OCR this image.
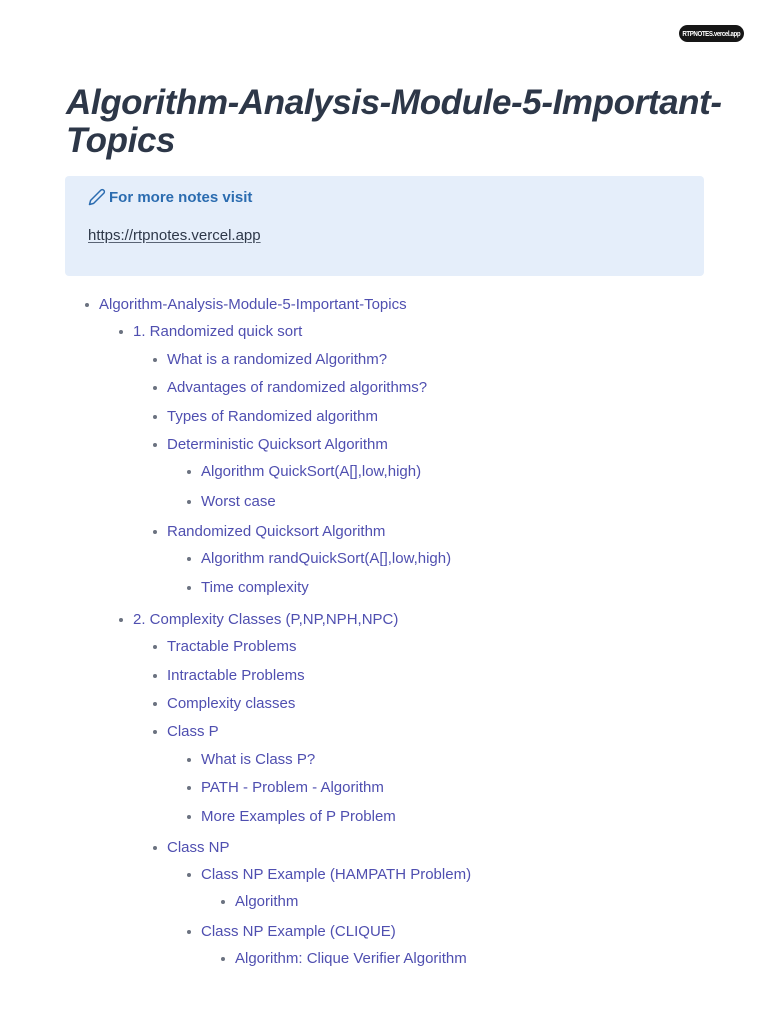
RTPNOTES.vercel.app
Algorithm-Analysis-Module-5-Important-Topics
For more notes visit
https://rtpnotes.vercel.app
Algorithm-Analysis-Module-5-Important-Topics
1. Randomized quick sort
What is a randomized Algorithm?
Advantages of randomized algorithms?
Types of Randomized algorithm
Deterministic Quicksort Algorithm
Algorithm QuickSort(A[],low,high)
Worst case
Randomized Quicksort Algorithm
Algorithm randQuickSort(A[],low,high)
Time complexity
2. Complexity Classes (P,NP,NPH,NPC)
Tractable Problems
Intractable Problems
Complexity classes
Class P
What is Class P?
PATH - Problem - Algorithm
More Examples of P Problem
Class NP
Class NP Example (HAMPATH Problem)
Algorithm
Class NP Example (CLIQUE)
Algorithm: Clique Verifier Algorithm
